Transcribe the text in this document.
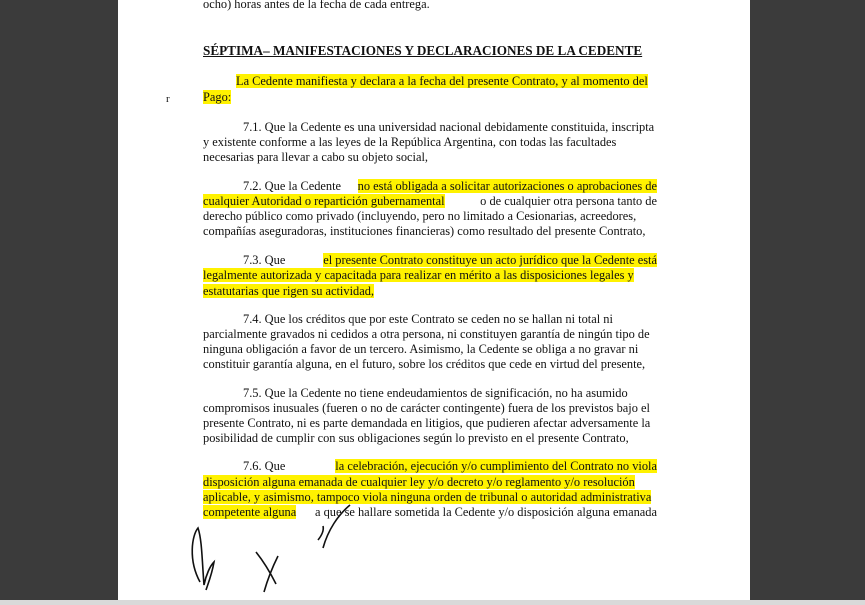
ocho) horas antes de la fecha de cada entrega.
SÉPTIMA– MANIFESTACIONES Y DECLARACIONES DE LA CEDENTE
La Cedente manifiesta y declara a la fecha del presente Contrato, y al momento del
Pago:
r
7.1. Que la Cedente es una universidad nacional debidamente constituida, inscripta
y existente conforme a las leyes de la República Argentina, con todas las facultades
necesarias para llevar a cabo su objeto social,
7.2. Que la Cedente no está obligada a solicitar autorizaciones o aprobaciones de
cualquier Autoridad o repartición gubernamental	o de cualquier otra persona tanto de
derecho público como privado (incluyendo, pero no limitado a Cesionarias, acreedores,
compañías aseguradoras, instituciones financieras) como resultado del presente Contrato,
7.3. Que	el presente Contrato constituye un acto jurídico que la Cedente está
legalmente autorizada y capacitada para realizar en mérito a las disposiciones legales y
estatutarias que rigen su actividad,
7.4. Que los créditos que por este Contrato se ceden no se hallan ni total ni
parcialmente gravados ni cedidos a otra persona, ni constituyen garantía de ningún tipo de
ninguna obligación a favor de un tercero. Asimismo, la Cedente se obliga a no gravar ni
constituir garantía alguna, en el futuro, sobre los créditos que cede en virtud del presente,
7.5. Que la Cedente no tiene endeudamientos de significación, no ha asumido
compromisos inusuales (fueren o no de carácter contingente) fuera de los previstos bajo el
presente Contrato, ni es parte demandada en litigios, que pudieren afectar adversamente la
posibilidad de cumplir con sus obligaciones según lo previsto en el presente Contrato,
7.6. Que	la celebración, ejecución y/o cumplimiento del Contrato no viola
disposición alguna emanada de cualquier ley y/o decreto y/o reglamento y/o resolución
aplicable, y asimismo, tampoco viola ninguna orden de tribunal o autoridad administrativa
competente alguna a que se hallare sometida la Cedente y/o disposición alguna emanada
